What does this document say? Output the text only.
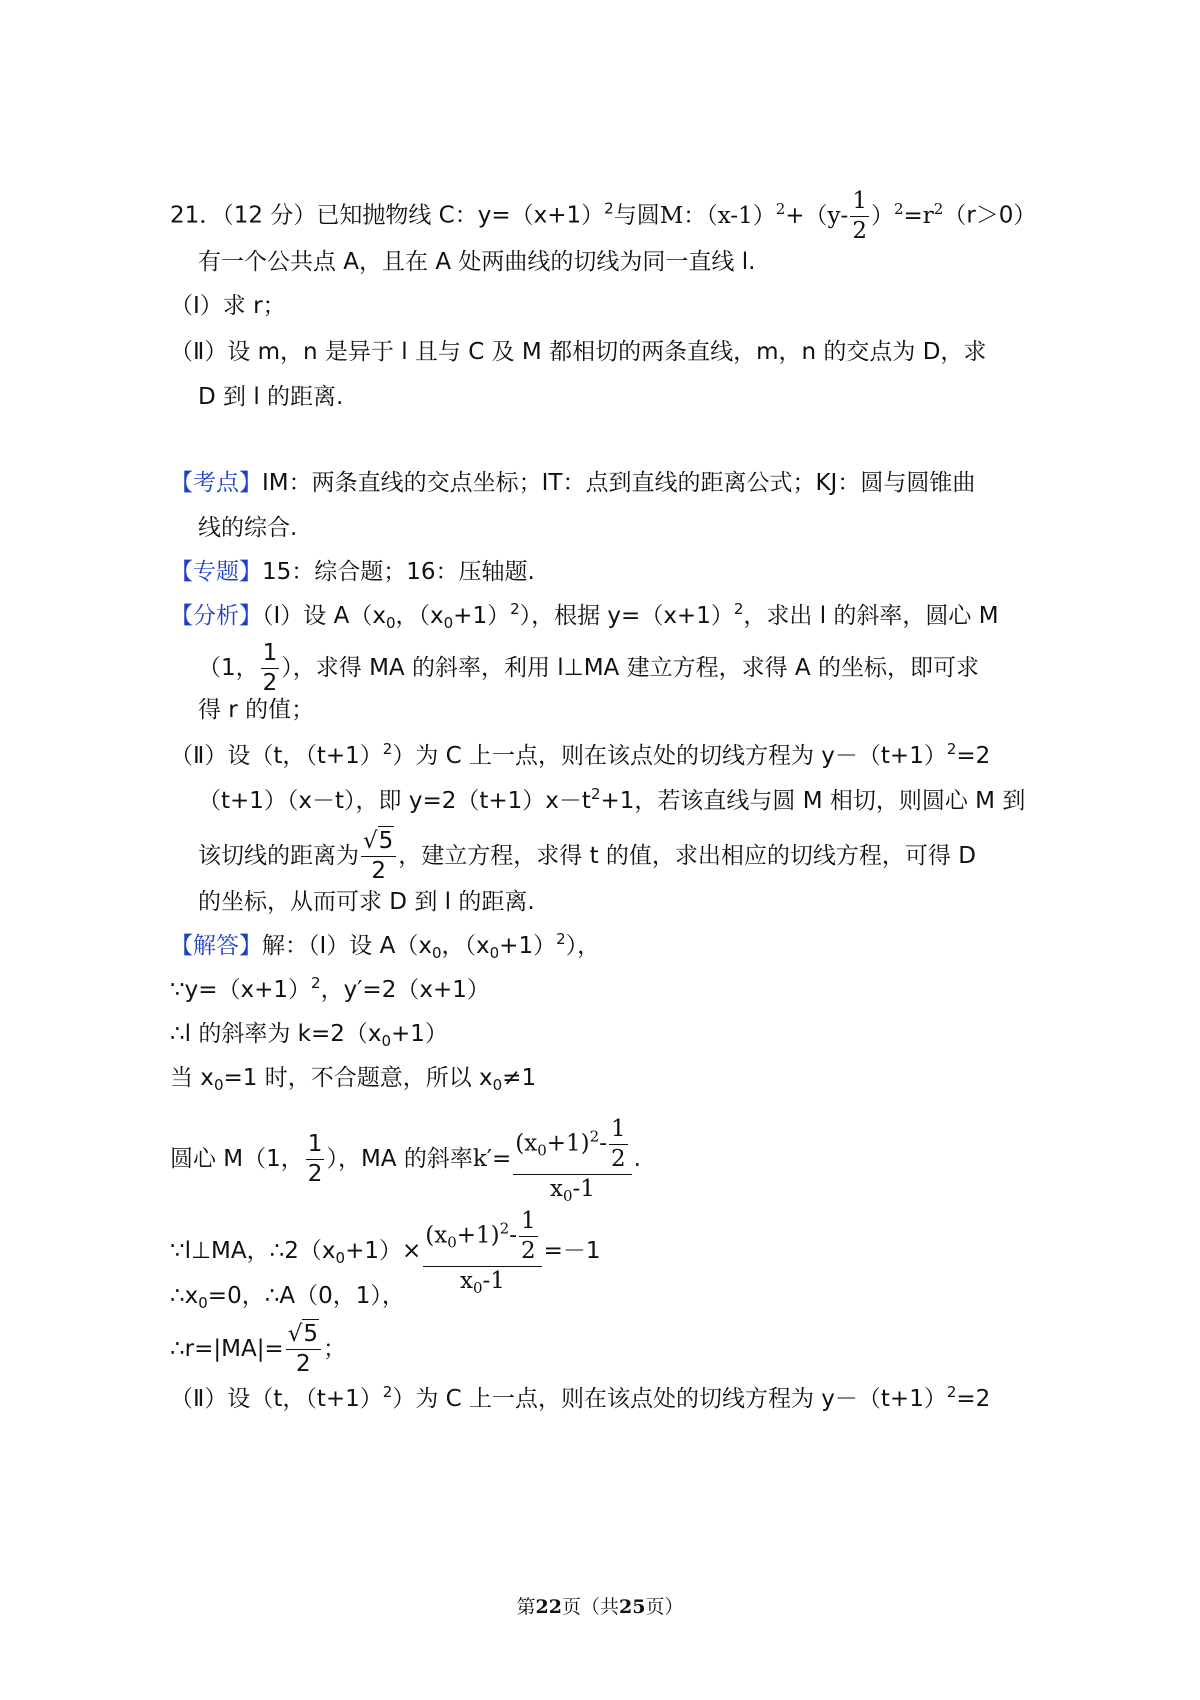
21．（12 分）已知抛物线 C：$y=(x+1)^2$与圆M：$(x-1)^2+(y- \frac{1}{2} )^2=r^2(r>0)$
有一个公共点 A，且在 A 处两曲线的切线为同一直线 l.
（Ⅰ）求 r；
（Ⅱ）设 m，n 是异于 l 且与 C 及 M 都相切的两条直线，m，n 的交点为 D，求
D 到 l 的距离.
【考点】IM：两条直线的交点坐标；IT：点到直线的距离公式；KJ：圆与圆锥曲
线的综合.
【专题】15：综合题；16：压轴题.
【分析】（Ⅰ）设 $A(x_0$，$(x_0+1)^2$），根据 $y=(x+1)^2$，求出 l 的斜率，圆心 M
（1， $\frac{1}{2}$ ），求得 MA 的斜率，利用 l⊥MA 建立方程，求得 A 的坐标，即可求
得 r 的值；
（Ⅱ）设（t，$(t+1)^2$）为 C 上一点，则在该点处的切线方程为 $y-(t+1)^2=2$
（t+1）（x－t），即 $y=2(t+1)x-t^2+1$，若该直线与圆 M 相切，则圆心 M 到
该切线的距离为 $\frac{√5}{2}$ ，建立方程，求得 t 的值，求出相应的切线方程，可得 D
的坐标，从而可求 D 到 l 的距离.
【解答】解：（Ⅰ）设 $A(x_0$，$(x_0+1)^2$），
$\because y=(x+1)^2$，y′=2（x+1）
∴l 的斜率为 $k=2(x_0+1)$
当 $x_0=1$ 时，不合题意，所以 $x_0\ne 1$
圆心 M（1， $\frac{1}{2}$ ），MA 的斜率$k'= \frac{(x_0+1)^2- \frac{1}{2}}{x_0-1}$ .
∵l⊥MA，$\therefore 2(x_0+1)\times \frac{(x_0+1)^2- \frac{1}{2}}{x_0-1} =-1$
$\therefore x_0=0$，∴A（0，1），
∴r=|MA|= $\frac{√5}{2}$ ；
（Ⅱ）设（t，$(t+1)^2$）为 C 上一点，则在该点处的切线方程为 $y-(t+1)^2=2$
第22页（共25页）
